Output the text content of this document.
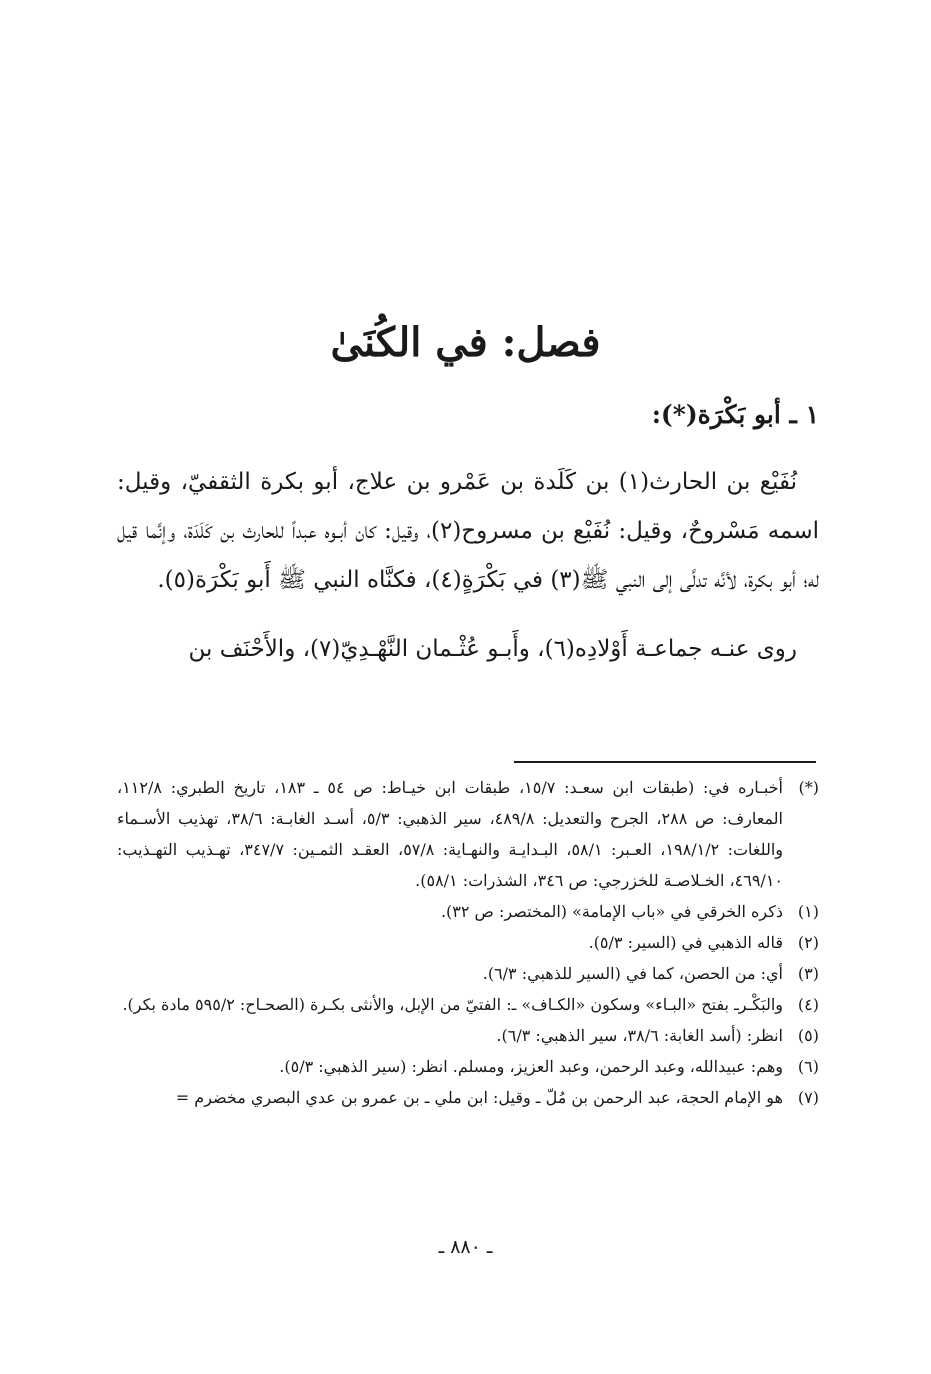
فصل: في الكُنَىٰ
١ ـ أبو بَكْرَة(*):

نُفَيْع بن الحارث(١) بن كَلَدة بن عَمْرو بن علاج، أبو بكرة الثقفيّ، وقيل: اسمه مَسْروحٌ، وقيل: نُفَيْع بن مسروح(٢)، وقيل: كان أبـوه عبداً للحارث بن كَلَدَة، وإنَّما قيل له؛ أبو بكرة، لأنَّه تدلَّى إلى النبي ﷺ(٣) في بَكْرَةٍ(٤)، فكنَّاه النبي ﷺ أَبو بَكْرَة(٥).

روى عنـه جماعـة أَوْلادِه(٦)، وأَبـو عُثْـمان النَّهْـدِيّ(٧)، والأَحْنَف بن

(*)
أخبـاره في: (طبقات ابن سعـد: ١٥/٧، طبقات ابن خيـاط: ص ٥٤ ـ ١٨٣، تاريخ الطبري: ١١٢/٨، المعارف: ص ٢٨٨، الجرح والتعديل: ٤٨٩/٨، سير الذهبي: ٥/٣، أسـد الغابـة: ٣٨/٦، تهذيب الأسـماء واللغات: ١٩٨/١/٢، العـبر: ٥٨/١، البـدايـة والنهـاية: ٥٧/٨، العقـد الثمـين: ٣٤٧/٧، تهـذيب التهـذيب: ٤٦٩/١٠، الخـلاصـة للخزرجي: ص ٣٤٦، الشذرات: ٥٨/١).
(١)
ذكره الخرقي في «باب الإمامة» (المختصر: ص ٣٢).
(٢)
قاله الذهبي في (السير: ٥/٣).
(٣)
أي: من الحصن، كما في (السير للذهبي: ٦/٣).
(٤)
والبَكْـرـ بفتح «البـاء» وسكون «الكـاف» ـ: الفتيّ من الإبل، والأنثى بكـرة (الصحـاح: ٥٩٥/٢ مادة بكر).
(٥)
انظر: (أسد الغابة: ٣٨/٦، سير الذهبي: ٦/٣).
(٦)
وهم: عبيدالله، وعبد الرحمن، وعبد العزيز، ومسلم. انظر: (سير الذهبي: ٥/٣).
(٧)
هو الإمام الحجة، عبد الرحمن بن مُلّ ـ وقيل: ابن ملي ـ بن عمرو بن عدي البصري مخضرم =
ـ ٨٨٠ ـ
